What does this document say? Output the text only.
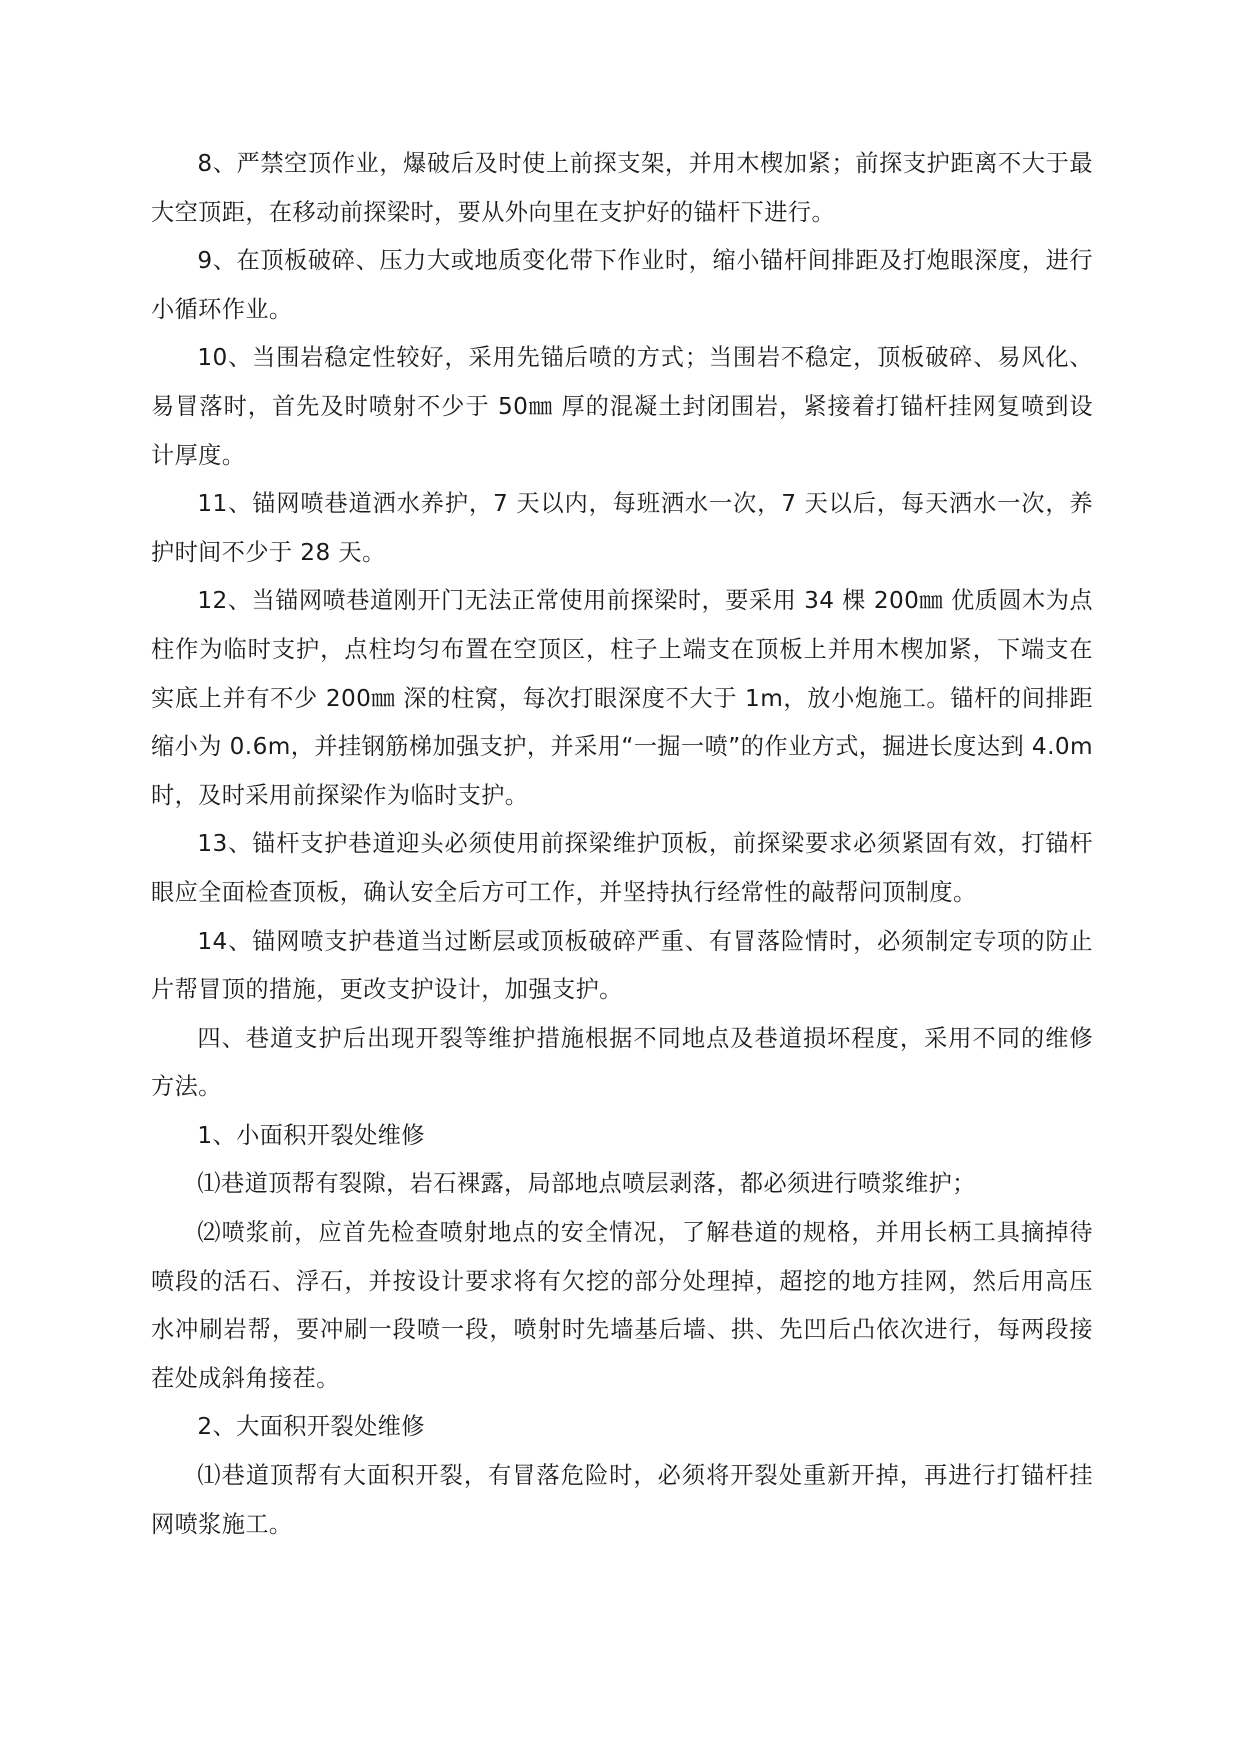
8、严禁空顶作业，爆破后及时使上前探支架，并用木楔加紧；前探支护距离不大于最大空顶距，在移动前探梁时，要从外向里在支护好的锚杆下进行。

9、在顶板破碎、压力大或地质变化带下作业时，缩小锚杆间排距及打炮眼深度，进行小循环作业。

10、当围岩稳定性较好，采用先锚后喷的方式；当围岩不稳定，顶板破碎、易风化、易冒落时，首先及时喷射不少于 50㎜ 厚的混凝土封闭围岩，紧接着打锚杆挂网复喷到设计厚度。

11、锚网喷巷道洒水养护，7 天以内，每班洒水一次，7 天以后，每天洒水一次，养护时间不少于 28 天。

12、当锚网喷巷道刚开门无法正常使用前探梁时，要采用 34 棵 200㎜ 优质圆木为点柱作为临时支护，点柱均匀布置在空顶区，柱子上端支在顶板上并用木楔加紧，下端支在实底上并有不少 200㎜ 深的柱窝，每次打眼深度不大于 1m，放小炮施工。锚杆的间排距缩小为 0.6m，并挂钢筋梯加强支护，并采用“一掘一喷”的作业方式，掘进长度达到 4.0m 时，及时采用前探梁作为临时支护。

13、锚杆支护巷道迎头必须使用前探梁维护顶板，前探梁要求必须紧固有效，打锚杆眼应全面检查顶板，确认安全后方可工作，并坚持执行经常性的敲帮问顶制度。

14、锚网喷支护巷道当过断层或顶板破碎严重、有冒落险情时，必须制定专项的防止片帮冒顶的措施，更改支护设计，加强支护。

四、巷道支护后出现开裂等维护措施根据不同地点及巷道损坏程度，采用不同的维修方法。

1、小面积开裂处维修

⑴巷道顶帮有裂隙，岩石裸露，局部地点喷层剥落，都必须进行喷浆维护；

⑵喷浆前，应首先检查喷射地点的安全情况，了解巷道的规格，并用长柄工具摘掉待喷段的活石、浮石，并按设计要求将有欠挖的部分处理掉，超挖的地方挂网，然后用高压水冲刷岩帮，要冲刷一段喷一段，喷射时先墙基后墙、拱、先凹后凸依次进行，每两段接茬处成斜角接茬。

2、大面积开裂处维修

⑴巷道顶帮有大面积开裂，有冒落危险时，必须将开裂处重新开掉，再进行打锚杆挂网喷浆施工。
